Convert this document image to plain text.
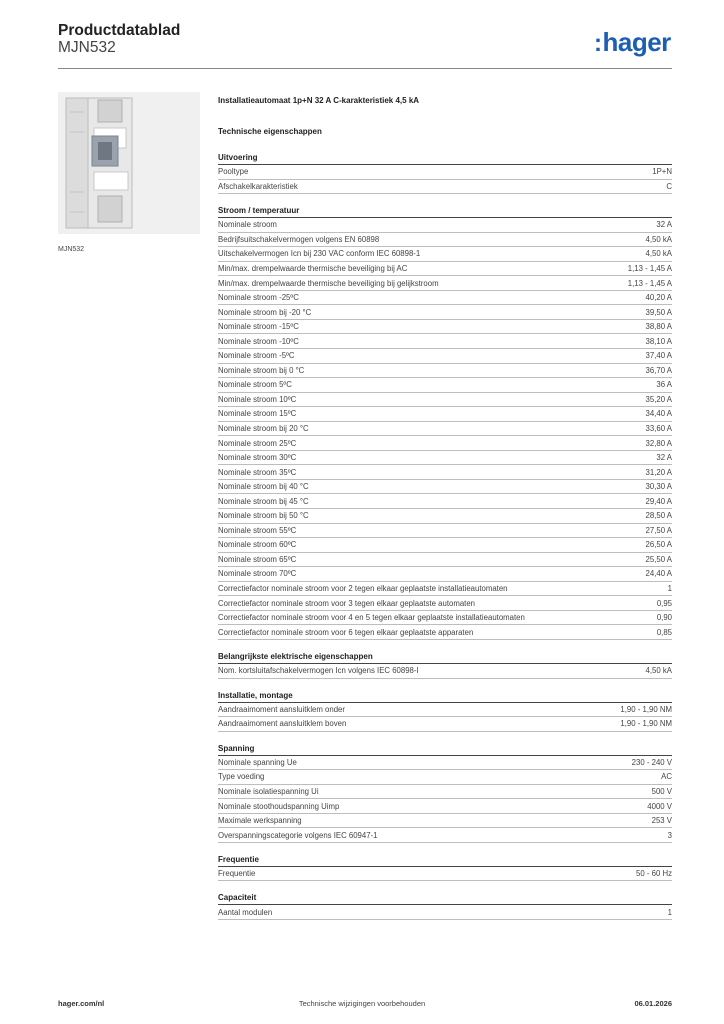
Productdatablad
MJN532	:hager
MJN532
Installatieautomaat 1p+N 32 A C-karakteristiek 4,5 kA
Technische eigenschappen
Uitvoering
Pooltype	1P+N
Afschakelkarakteristiek	C
Stroom / temperatuur
Nominale stroom	32 A
Bedrijfsuitschakelvermogen volgens EN 60898	4,50 kA
Uitschakelvermogen Icn bij 230 VAC conform IEC 60898-1	4,50 kA
Min/max. drempelwaarde thermische beveiliging bij AC	1,13 - 1,45 A
Min/max. drempelwaarde thermische beveiliging bij gelijkstroom	1,13 - 1,45 A
Nominale stroom -25ºC	40,20 A
Nominale stroom bij -20 °C	39,50 A
Nominale stroom -15ºC	38,80 A
Nominale stroom -10ºC	38,10 A
Nominale stroom -5ºC	37,40 A
Nominale stroom bij 0 °C	36,70 A
Nominale stroom 5ºC	36 A
Nominale stroom 10ºC	35,20 A
Nominale stroom 15ºC	34,40 A
Nominale stroom bij 20 °C	33,60 A
Nominale stroom 25ºC	32,80 A
Nominale stroom 30ºC	32 A
Nominale stroom 35ºC	31,20 A
Nominale stroom bij 40 °C	30,30 A
Nominale stroom bij 45 °C	29,40 A
Nominale stroom bij 50 °C	28,50 A
Nominale stroom 55ºC	27,50 A
Nominale stroom 60ºC	26,50 A
Nominale stroom 65ºC	25,50 A
Nominale stroom 70ºC	24,40 A
Correctiefactor nominale stroom voor 2 tegen elkaar geplaatste installatieautomaten	1
Correctiefactor nominale stroom voor 3 tegen elkaar geplaatste automaten	0,95
Correctiefactor nominale stroom voor 4 en 5 tegen elkaar geplaatste installatieautomaten	0,90
Correctiefactor nominale stroom voor 6 tegen elkaar geplaatste apparaten	0,85
Belangrijkste elektrische eigenschappen
Nom. kortsluitafschakelvermogen Icn volgens IEC 60898-I	4,50 kA
Installatie, montage
Aandraaimoment aansluitklem onder	1,90 - 1,90 NM
Aandraaimoment aansluitklem boven	1,90 - 1,90 NM
Spanning
Nominale spanning Ue	230 - 240 V
Type voeding	AC
Nominale isolatiespanning Ui	500 V
Nominale stoothoudspanning Uimp	4000 V
Maximale werkspanning	253 V
Overspanningscategorie volgens IEC 60947-1	3
Frequentie
Frequentie	50 - 60 Hz
Capaciteit
Aantal modulen	1
hager.com/nl	Technische wijzigingen voorbehouden	06.01.2026
